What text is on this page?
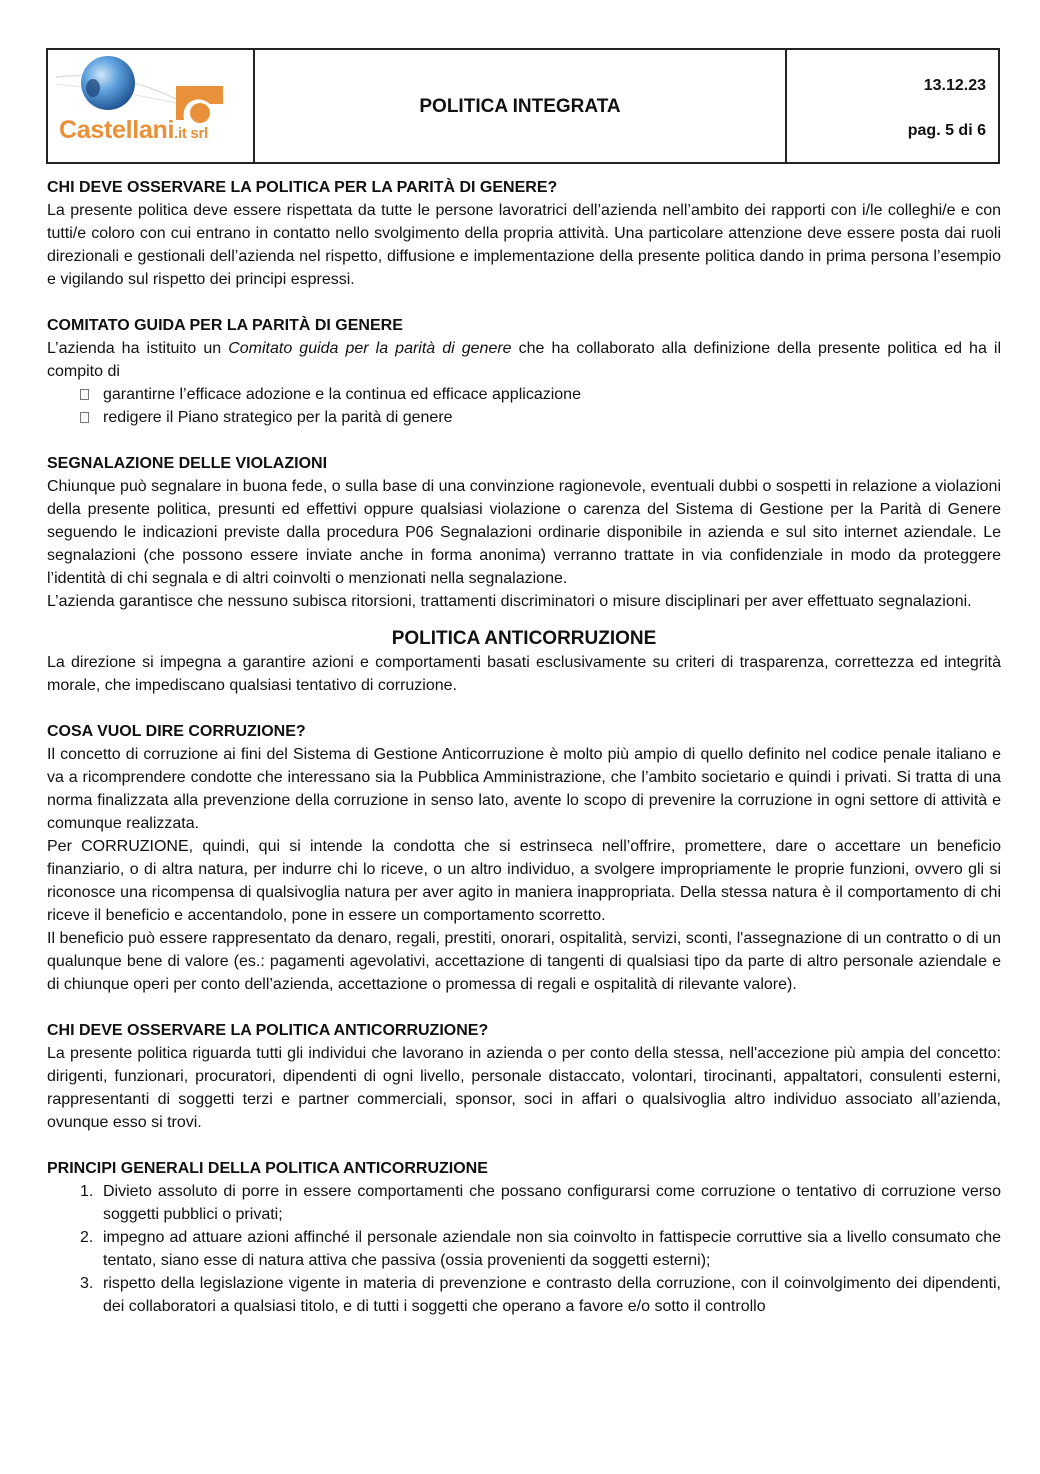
Castellani.it srl
POLITICA INTEGRATA
13.12.23
pag. 5 di 6
CHI DEVE OSSERVARE LA POLITICA PER LA PARITÀ DI GENERE?

La presente politica deve essere rispettata da tutte le persone lavoratrici dell’azienda nell’ambito dei rapporti con i/le colleghi/e e con tutti/e coloro con cui entrano in contatto nello svolgimento della propria attività. Una particolare attenzione deve essere posta dai ruoli direzionali e gestionali dell’azienda nel rispetto, diffusione e implementazione della presente politica dando in prima persona l’esempio e vigilando sul rispetto dei principi espressi.

COMITATO GUIDA PER LA PARITÀ DI GENERE

L’azienda ha istituito un Comitato guida per la parità di genere che ha collaborato alla definizione della presente politica ed ha il compito di

garantirne l’efficace adozione e la continua ed efficace applicazione
redigere il Piano strategico per la parità di genere
SEGNALAZIONE DELLE VIOLAZIONI

Chiunque può segnalare in buona fede, o sulla base di una convinzione ragionevole, eventuali dubbi o sospetti in relazione a violazioni della presente politica, presunti ed effettivi oppure qualsiasi violazione o carenza del Sistema di Gestione per la Parità di Genere seguendo le indicazioni previste dalla procedura P06 Segnalazioni ordinarie disponibile in azienda e sul sito internet aziendale. Le segnalazioni (che possono essere inviate anche in forma anonima) verranno trattate in via confidenziale in modo da proteggere l’identità di chi segnala e di altri coinvolti o menzionati nella segnalazione.

L’azienda garantisce che nessuno subisca ritorsioni, trattamenti discriminatori o misure disciplinari per aver effettuato segnalazioni.

POLITICA ANTICORRUZIONE

La direzione si impegna a garantire azioni e comportamenti basati esclusivamente su criteri di trasparenza, correttezza ed integrità morale, che impediscano qualsiasi tentativo di corruzione.

COSA VUOL DIRE CORRUZIONE?

Il concetto di corruzione ai fini del Sistema di Gestione Anticorruzione è molto più ampio di quello definito nel codice penale italiano e va a ricomprendere condotte che interessano sia la Pubblica Amministrazione, che l’ambito societario e quindi i privati. Si tratta di una norma finalizzata alla prevenzione della corruzione in senso lato, avente lo scopo di prevenire la corruzione in ogni settore di attività e comunque realizzata.

Per CORRUZIONE, quindi, qui si intende la condotta che si estrinseca nell’offrire, promettere, dare o accettare un beneficio finanziario, o di altra natura, per indurre chi lo riceve, o un altro individuo, a svolgere impropriamente le proprie funzioni, ovvero gli si riconosce una ricompensa di qualsivoglia natura per aver agito in maniera inappropriata. Della stessa natura è il comportamento di chi riceve il beneficio e accentandolo, pone in essere un comportamento scorretto.

Il beneficio può essere rappresentato da denaro, regali, prestiti, onorari, ospitalità, servizi, sconti, l'assegnazione di un contratto o di un qualunque bene di valore (es.: pagamenti agevolativi, accettazione di tangenti di qualsiasi tipo da parte di altro personale aziendale e di chiunque operi per conto dell’azienda, accettazione o promessa di regali e ospitalità di rilevante valore).

CHI DEVE OSSERVARE LA POLITICA ANTICORRUZIONE?

La presente politica riguarda tutti gli individui che lavorano in azienda o per conto della stessa, nell'accezione più ampia del concetto: dirigenti, funzionari, procuratori, dipendenti di ogni livello, personale distaccato, volontari, tirocinanti, appaltatori, consulenti esterni, rappresentanti di soggetti terzi e partner commerciali, sponsor, soci in affari o qualsivoglia altro individuo associato all’azienda, ovunque esso si trovi.

PRINCIPI GENERALI DELLA POLITICA ANTICORRUZIONE
1. Divieto assoluto di porre in essere comportamenti che possano configurarsi come corruzione o tentativo di corruzione verso soggetti pubblici o privati;
2. impegno ad attuare azioni affinché il personale aziendale non sia coinvolto in fattispecie corruttive sia a livello consumato che tentato, siano esse di natura attiva che passiva (ossia provenienti da soggetti esterni);
3. rispetto della legislazione vigente in materia di prevenzione e contrasto della corruzione, con il coinvolgimento dei dipendenti, dei collaboratori a qualsiasi titolo, e di tutti i soggetti che operano a favore e/o sotto il controllo
